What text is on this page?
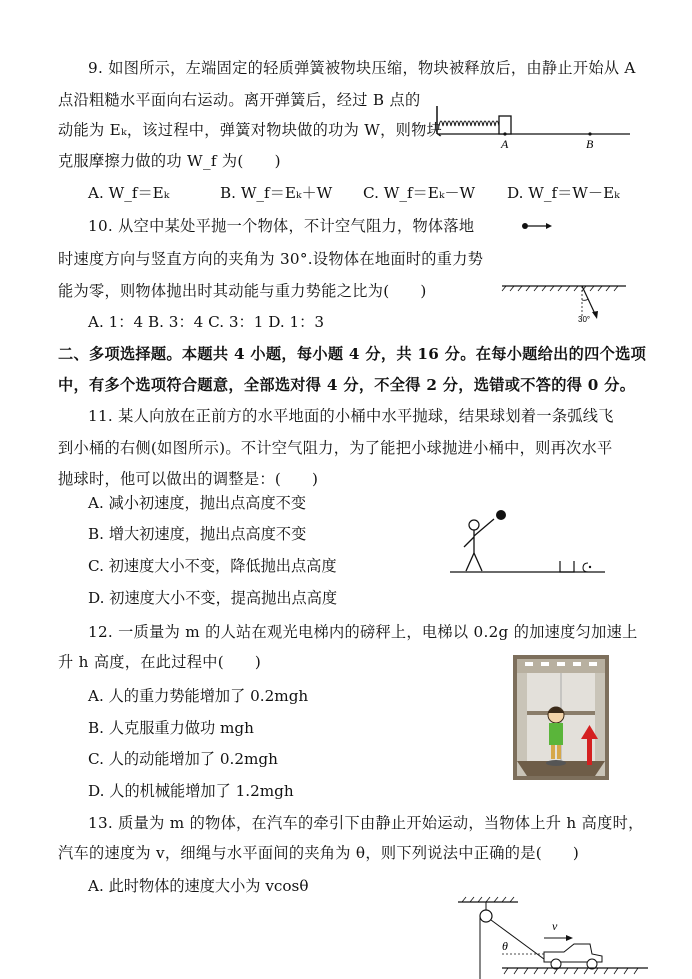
9. 如图所示，左端固定的轻质弹簧被物块压缩，物块被释放后，由静止开始从 A
点沿粗糙水平面向右运动。离开弹簧后，经过 B 点的
动能为 Eₖ，该过程中，弹簧对物块做的功为 W，则物块
克服摩擦力做的功 W_f 为(　　)
A. W_f＝Eₖ	B. W_f＝Eₖ＋W C. W_f＝Eₖ－W D. W_f＝W－Eₖ
A	B
10. 从空中某处平抛一个物体，不计空气阻力，物体落地
时速度方向与竖直方向的夹角为 30°.设物体在地面时的重力势
能为零，则物体抛出时其动能与重力势能之比为(　　)
A. 1：4 B. 3：4 C. 3：1 D. 1：3	30°
二、多项选择题。本题共 4 小题，每小题 4 分，共 16 分。在每小题给出的四个选项
中，有多个选项符合题意，全部选对得 4 分，不全得 2 分，选错或不答的得 0 分。
11. 某人向放在正前方的水平地面的小桶中水平抛球，结果球划着一条弧线飞
到小桶的右侧(如图所示)。不计空气阻力，为了能把小球抛进小桶中，则再次水平
抛球时，他可以做出的调整是：(　　)
A. 减小初速度，抛出点高度不变
B. 增大初速度，抛出点高度不变
C. 初速度大小不变，降低抛出点高度
D. 初速度大小不变，提高抛出点高度
12. 一质量为 m 的人站在观光电梯内的磅秤上，电梯以 0.2g 的加速度匀加速上
升 h 高度，在此过程中(　　)
A. 人的重力势能增加了 0.2mgh
B. 人克服重力做功 mgh
C. 人的动能增加了 0.2mgh
D. 人的机械能增加了 1.2mgh
13. 质量为 m 的物体，在汽车的牵引下由静止开始运动，当物体上升 h 高度时，
汽车的速度为 v，细绳与水平面间的夹角为 θ，则下列说法中正确的是(　　)
A. 此时物体的速度大小为 vcosθ
θ
v
